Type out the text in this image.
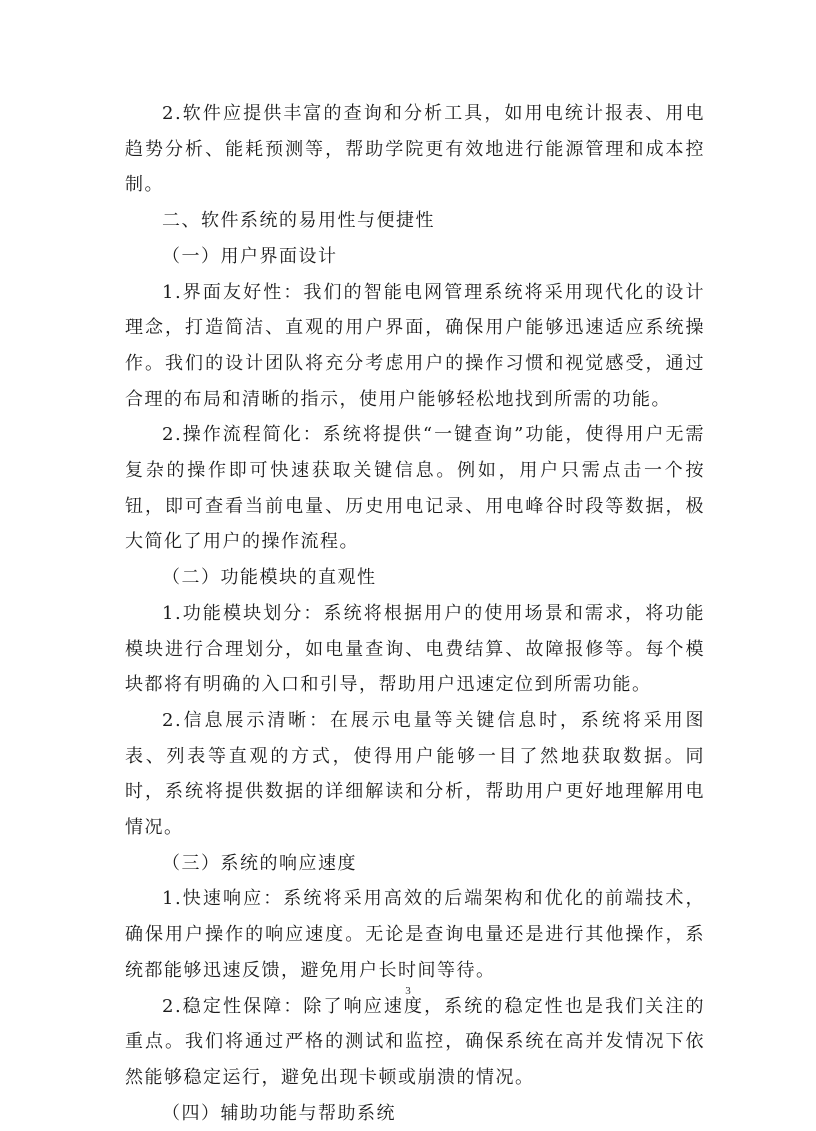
2.软件应提供丰富的查询和分析工具，如用电统计报表、用电趋势分析、能耗预测等，帮助学院更有效地进行能源管理和成本控制。

二、软件系统的易用性与便捷性

（一）用户界面设计

1.界面友好性：我们的智能电网管理系统将采用现代化的设计理念，打造简洁、直观的用户界面，确保用户能够迅速适应系统操作。我们的设计团队将充分考虑用户的操作习惯和视觉感受，通过合理的布局和清晰的指示，使用户能够轻松地找到所需的功能。

2.操作流程简化：系统将提供“一键查询”功能，使得用户无需复杂的操作即可快速获取关键信息。例如，用户只需点击一个按钮，即可查看当前电量、历史用电记录、用电峰谷时段等数据，极大简化了用户的操作流程。

（二）功能模块的直观性

1.功能模块划分：系统将根据用户的使用场景和需求，将功能模块进行合理划分，如电量查询、电费结算、故障报修等。每个模块都将有明确的入口和引导，帮助用户迅速定位到所需功能。

2.信息展示清晰：在展示电量等关键信息时，系统将采用图表、列表等直观的方式，使得用户能够一目了然地获取数据。同时，系统将提供数据的详细解读和分析，帮助用户更好地理解用电情况。

（三）系统的响应速度

1.快速响应：系统将采用高效的后端架构和优化的前端技术，确保用户操作的响应速度。无论是查询电量还是进行其他操作，系统都能够迅速反馈，避免用户长时间等待。

2.稳定性保障：除了响应速度，系统的稳定性也是我们关注的重点。我们将通过严格的测试和监控，确保系统在高并发情况下依然能够稳定运行，避免出现卡顿或崩溃的情况。

（四）辅助功能与帮助系统

3
